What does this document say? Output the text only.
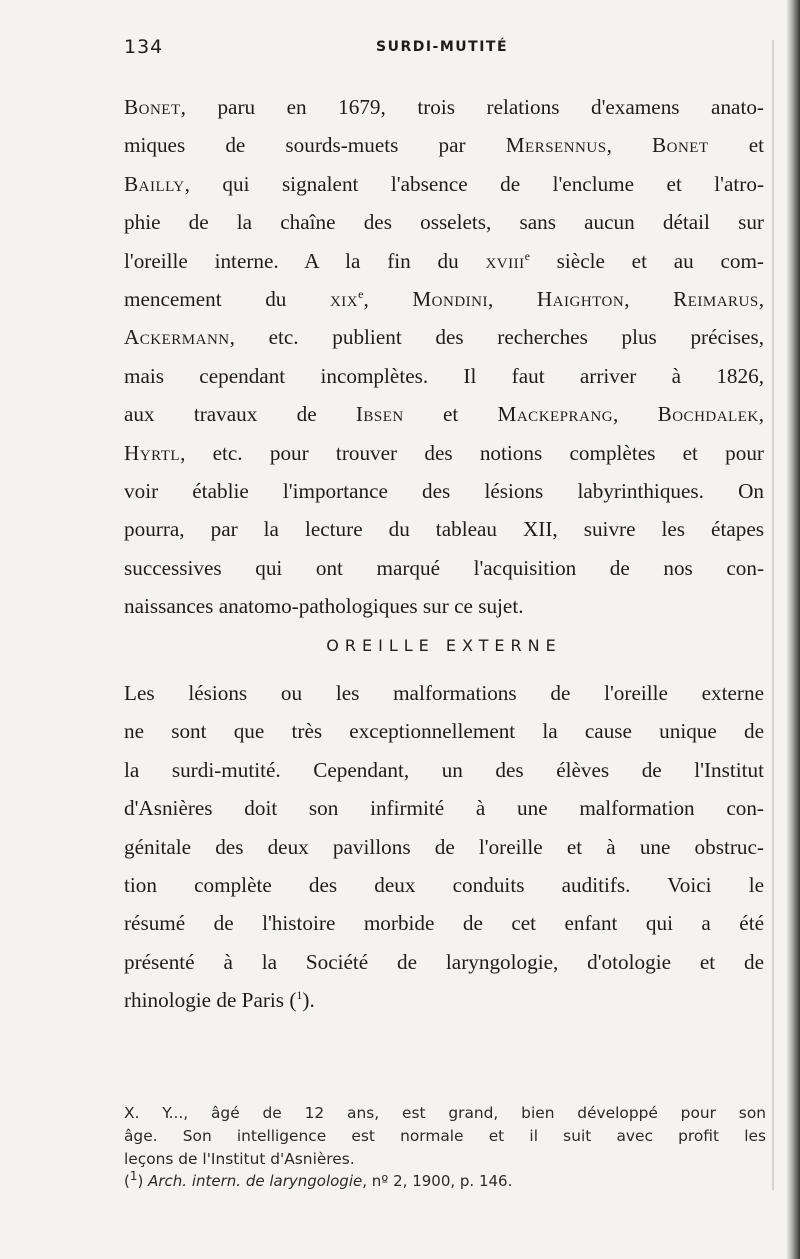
134	SURDI-MUTITÉ
Bonet, paru en 1679, trois relations d'examens anato-
miques de sourds-muets par Mersennus, Bonet et
Bailly, qui signalent l'absence de l'enclume et l'atro-
phie de la chaîne des osselets, sans aucun détail sur
l'oreille interne. A la fin du xviii$^e$ siècle et au com-
mencement du xix$^e$, Mondini, Haighton, Reimarus,
Ackermann, etc. publient des recherches plus précises,
mais cependant incomplètes. Il faut arriver à 1826,
aux travaux de Ibsen et Mackeprang, Bochdalek,
Hyrtl, etc. pour trouver des notions complètes et pour
voir établie l'importance des lésions labyrinthiques. On
pourra, par la lecture du tableau XII, suivre les étapes
successives qui ont marqué l'acquisition de nos con-
naissances anatomo-pathologiques sur ce sujet.
OREILLE EXTERNE
Les lésions ou les malformations de l'oreille externe
ne sont que très exceptionnellement la cause unique de
la surdi-mutité. Cependant, un des élèves de l'Institut
d'Asnières doit son infirmité à une malformation con-
génitale des deux pavillons de l'oreille et à une obstruc-
tion complète des deux conduits auditifs. Voici le
résumé de l'histoire morbide de cet enfant qui a été
présenté à la Société de laryngologie, d'otologie et de
rhinologie de Paris ($^1$).
X. Y..., âgé de 12 ans, est grand, bien développé pour son
âge. Son intelligence est normale et il suit avec profit les
leçons de l'Institut d'Asnières.
($^1$) Arch. intern. de laryngologie, nº 2, 1900, p. 146.
